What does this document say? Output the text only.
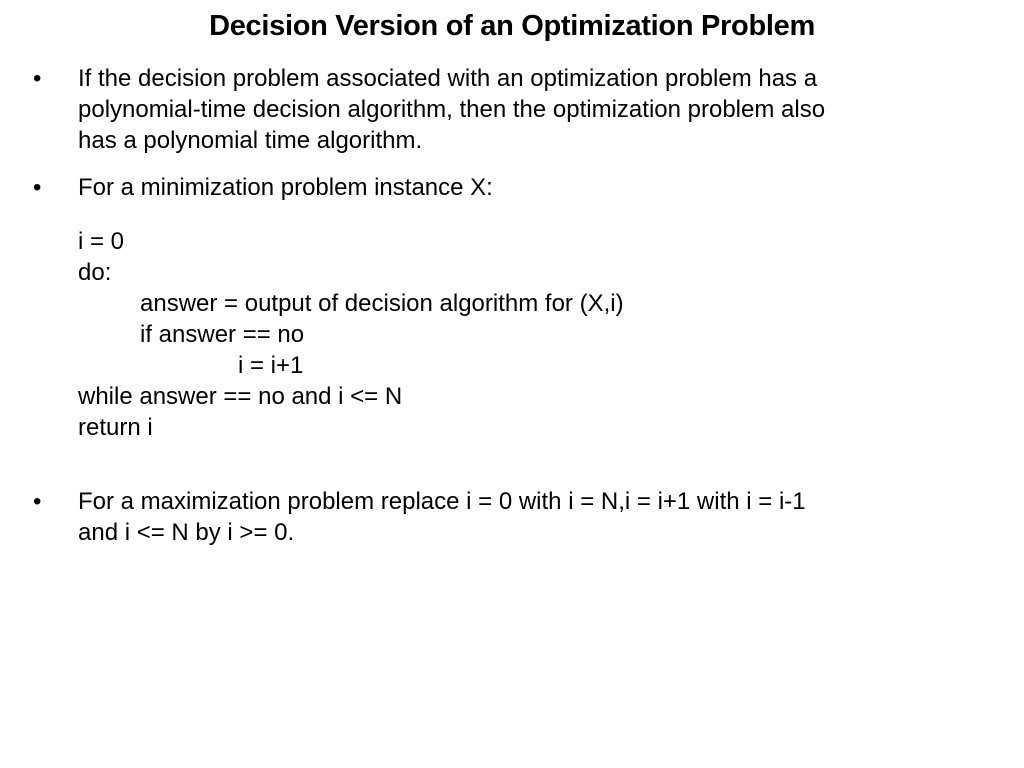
Decision Version of an Optimization Problem
•	If the decision problem associated with an optimization problem has a
polynomial-time decision algorithm, then the optimization problem also
has a polynomial time algorithm.
•	For a minimization problem instance X:
i = 0
do:
answer = output of decision algorithm for (X,i)
if answer == no
i = i+1
while answer == no and i <= N
return i
•	For a maximization problem replace i = 0 with i = N,i = i+1 with i = i-1
and i <= N by i >= 0.
